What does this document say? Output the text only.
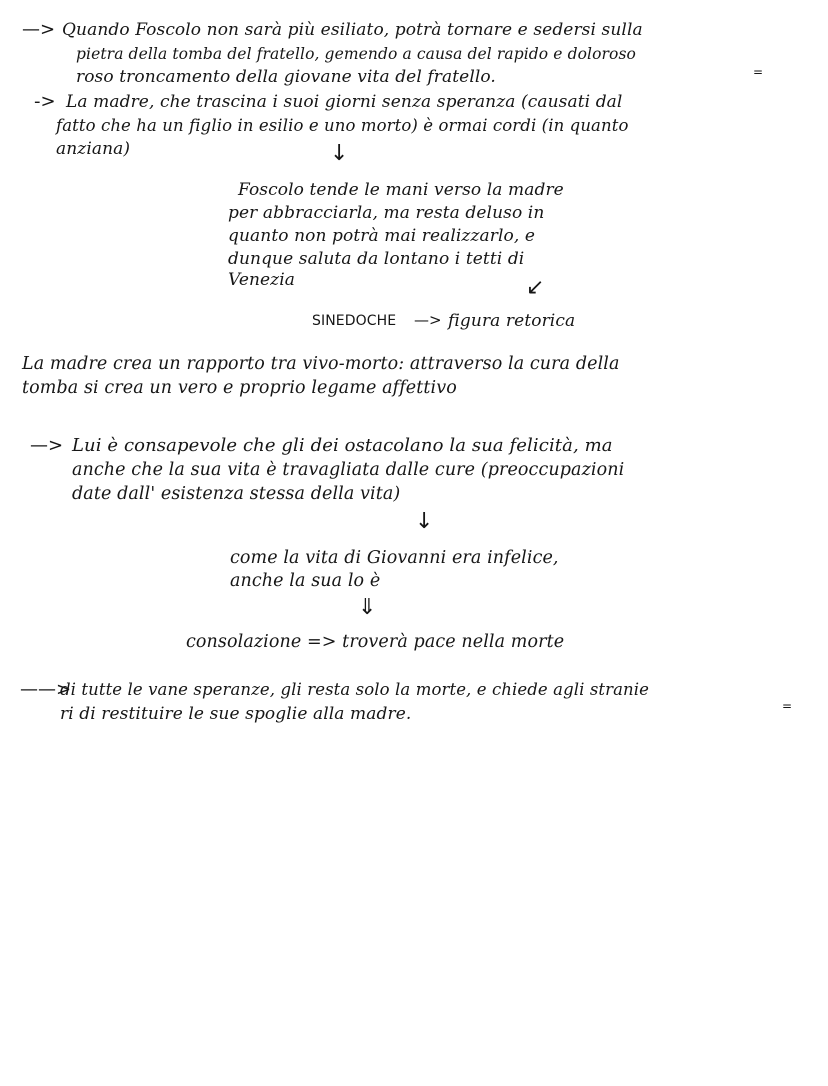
—> Quando Foscolo non sarà più esiliato, potrà tornare e sedersi sulla
pietra della tomba del fratello, gemendo a causa del rapido e doloroso
roso troncamento della giovane vita del fratello.	=
-> La madre, che trascina i suoi giorni senza speranza (causati dal
fatto che ha un figlio in esilio e uno morto) è ormai cordi (in quanto
anziana)	↓
Foscolo tende le mani verso la madre
per abbracciarla, ma resta deluso in
quanto non potrà mai realizzarlo, e
dunque saluta da lontano i tetti di
Venezia	↙
SINEDOCHE —> figura retorica
La madre crea un rapporto tra vivo-morto: attraverso la cura della
tomba si crea un vero e proprio legame affettivo
—> Lui è consapevole che gli dei ostacolano la sua felicità, ma
anche che la sua vita è travagliata dalle cure (preoccupazioni
date dall' esistenza stessa della vita)
↓
come la vita di Giovanni era infelice,
anche la sua lo è
⇓
consolazione => troverà pace nella morte
——>
di tutte le vane speranze, gli resta solo la morte, e chiede agli stranie
ri di restituire le sue spoglie alla madre.	=
